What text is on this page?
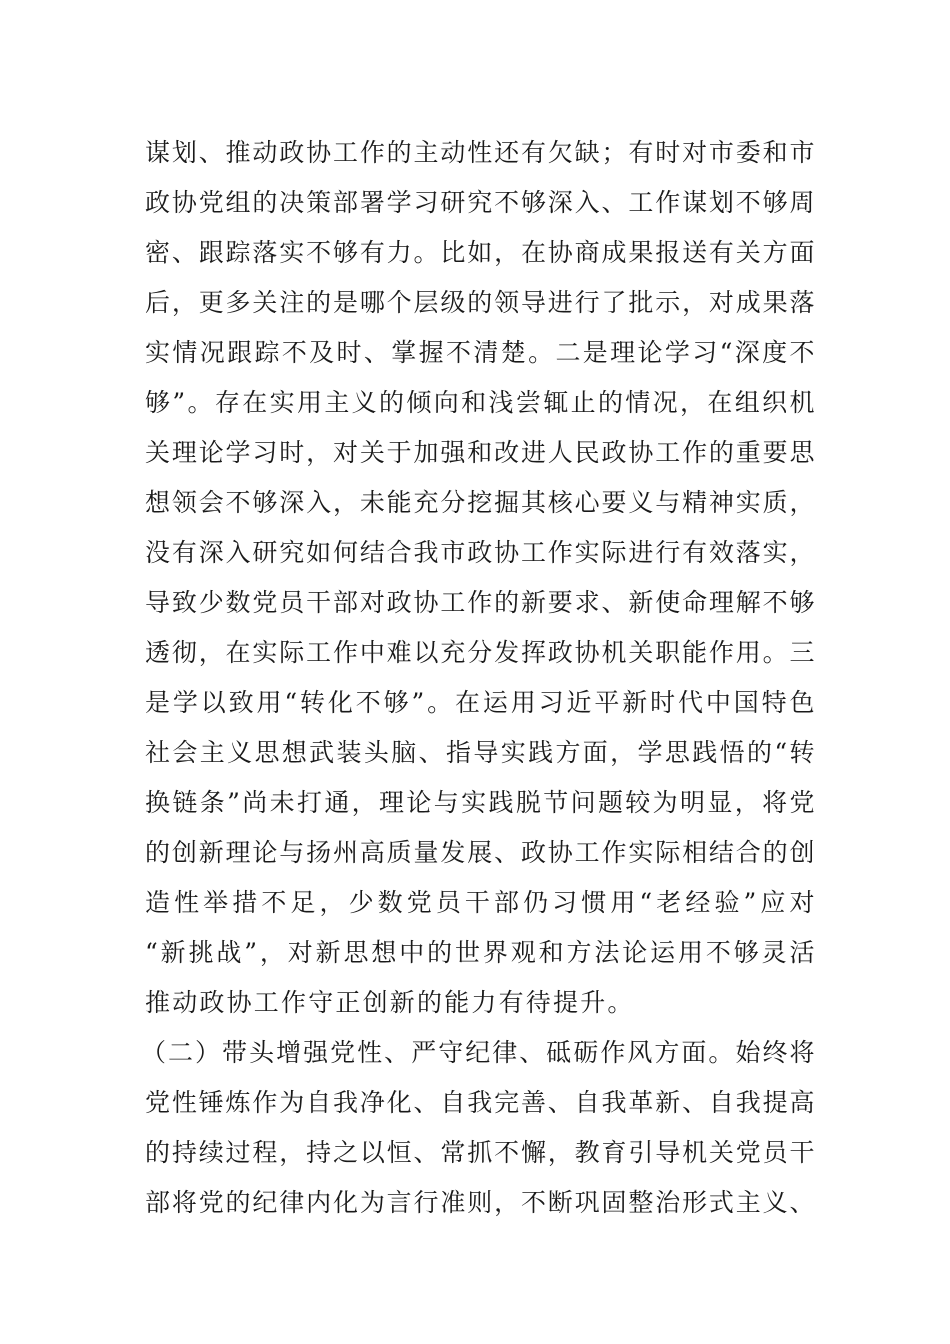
谋划、推动政协工作的主动性还有欠缺；有时对市委和市
政协党组的决策部署学习研究不够深入、工作谋划不够周
密、跟踪落实不够有力。比如，在协商成果报送有关方面
后，更多关注的是哪个层级的领导进行了批示，对成果落
实情况跟踪不及时、掌握不清楚。二是理论学习“深度不
够”。存在实用主义的倾向和浅尝辄止的情况，在组织机
关理论学习时，对关于加强和改进人民政协工作的重要思
想领会不够深入，未能充分挖掘其核心要义与精神实质，
没有深入研究如何结合我市政协工作实际进行有效落实，
导致少数党员干部对政协工作的新要求、新使命理解不够
透彻，在实际工作中难以充分发挥政协机关职能作用。三
是学以致用“转化不够”。在运用习近平新时代中国特色
社会主义思想武装头脑、指导实践方面，学思践悟的“转
换链条”尚未打通，理论与实践脱节问题较为明显，将党
的创新理论与扬州高质量发展、政协工作实际相结合的创
造性举措不足，少数党员干部仍习惯用“老经验”应对
“新挑战”，对新思想中的世界观和方法论运用不够灵活
推动政协工作守正创新的能力有待提升。
（二）带头增强党性、严守纪律、砥砺作风方面。始终将
党性锤炼作为自我净化、自我完善、自我革新、自我提高
的持续过程，持之以恒、常抓不懈，教育引导机关党员干
部将党的纪律内化为言行准则，不断巩固整治形式主义、
